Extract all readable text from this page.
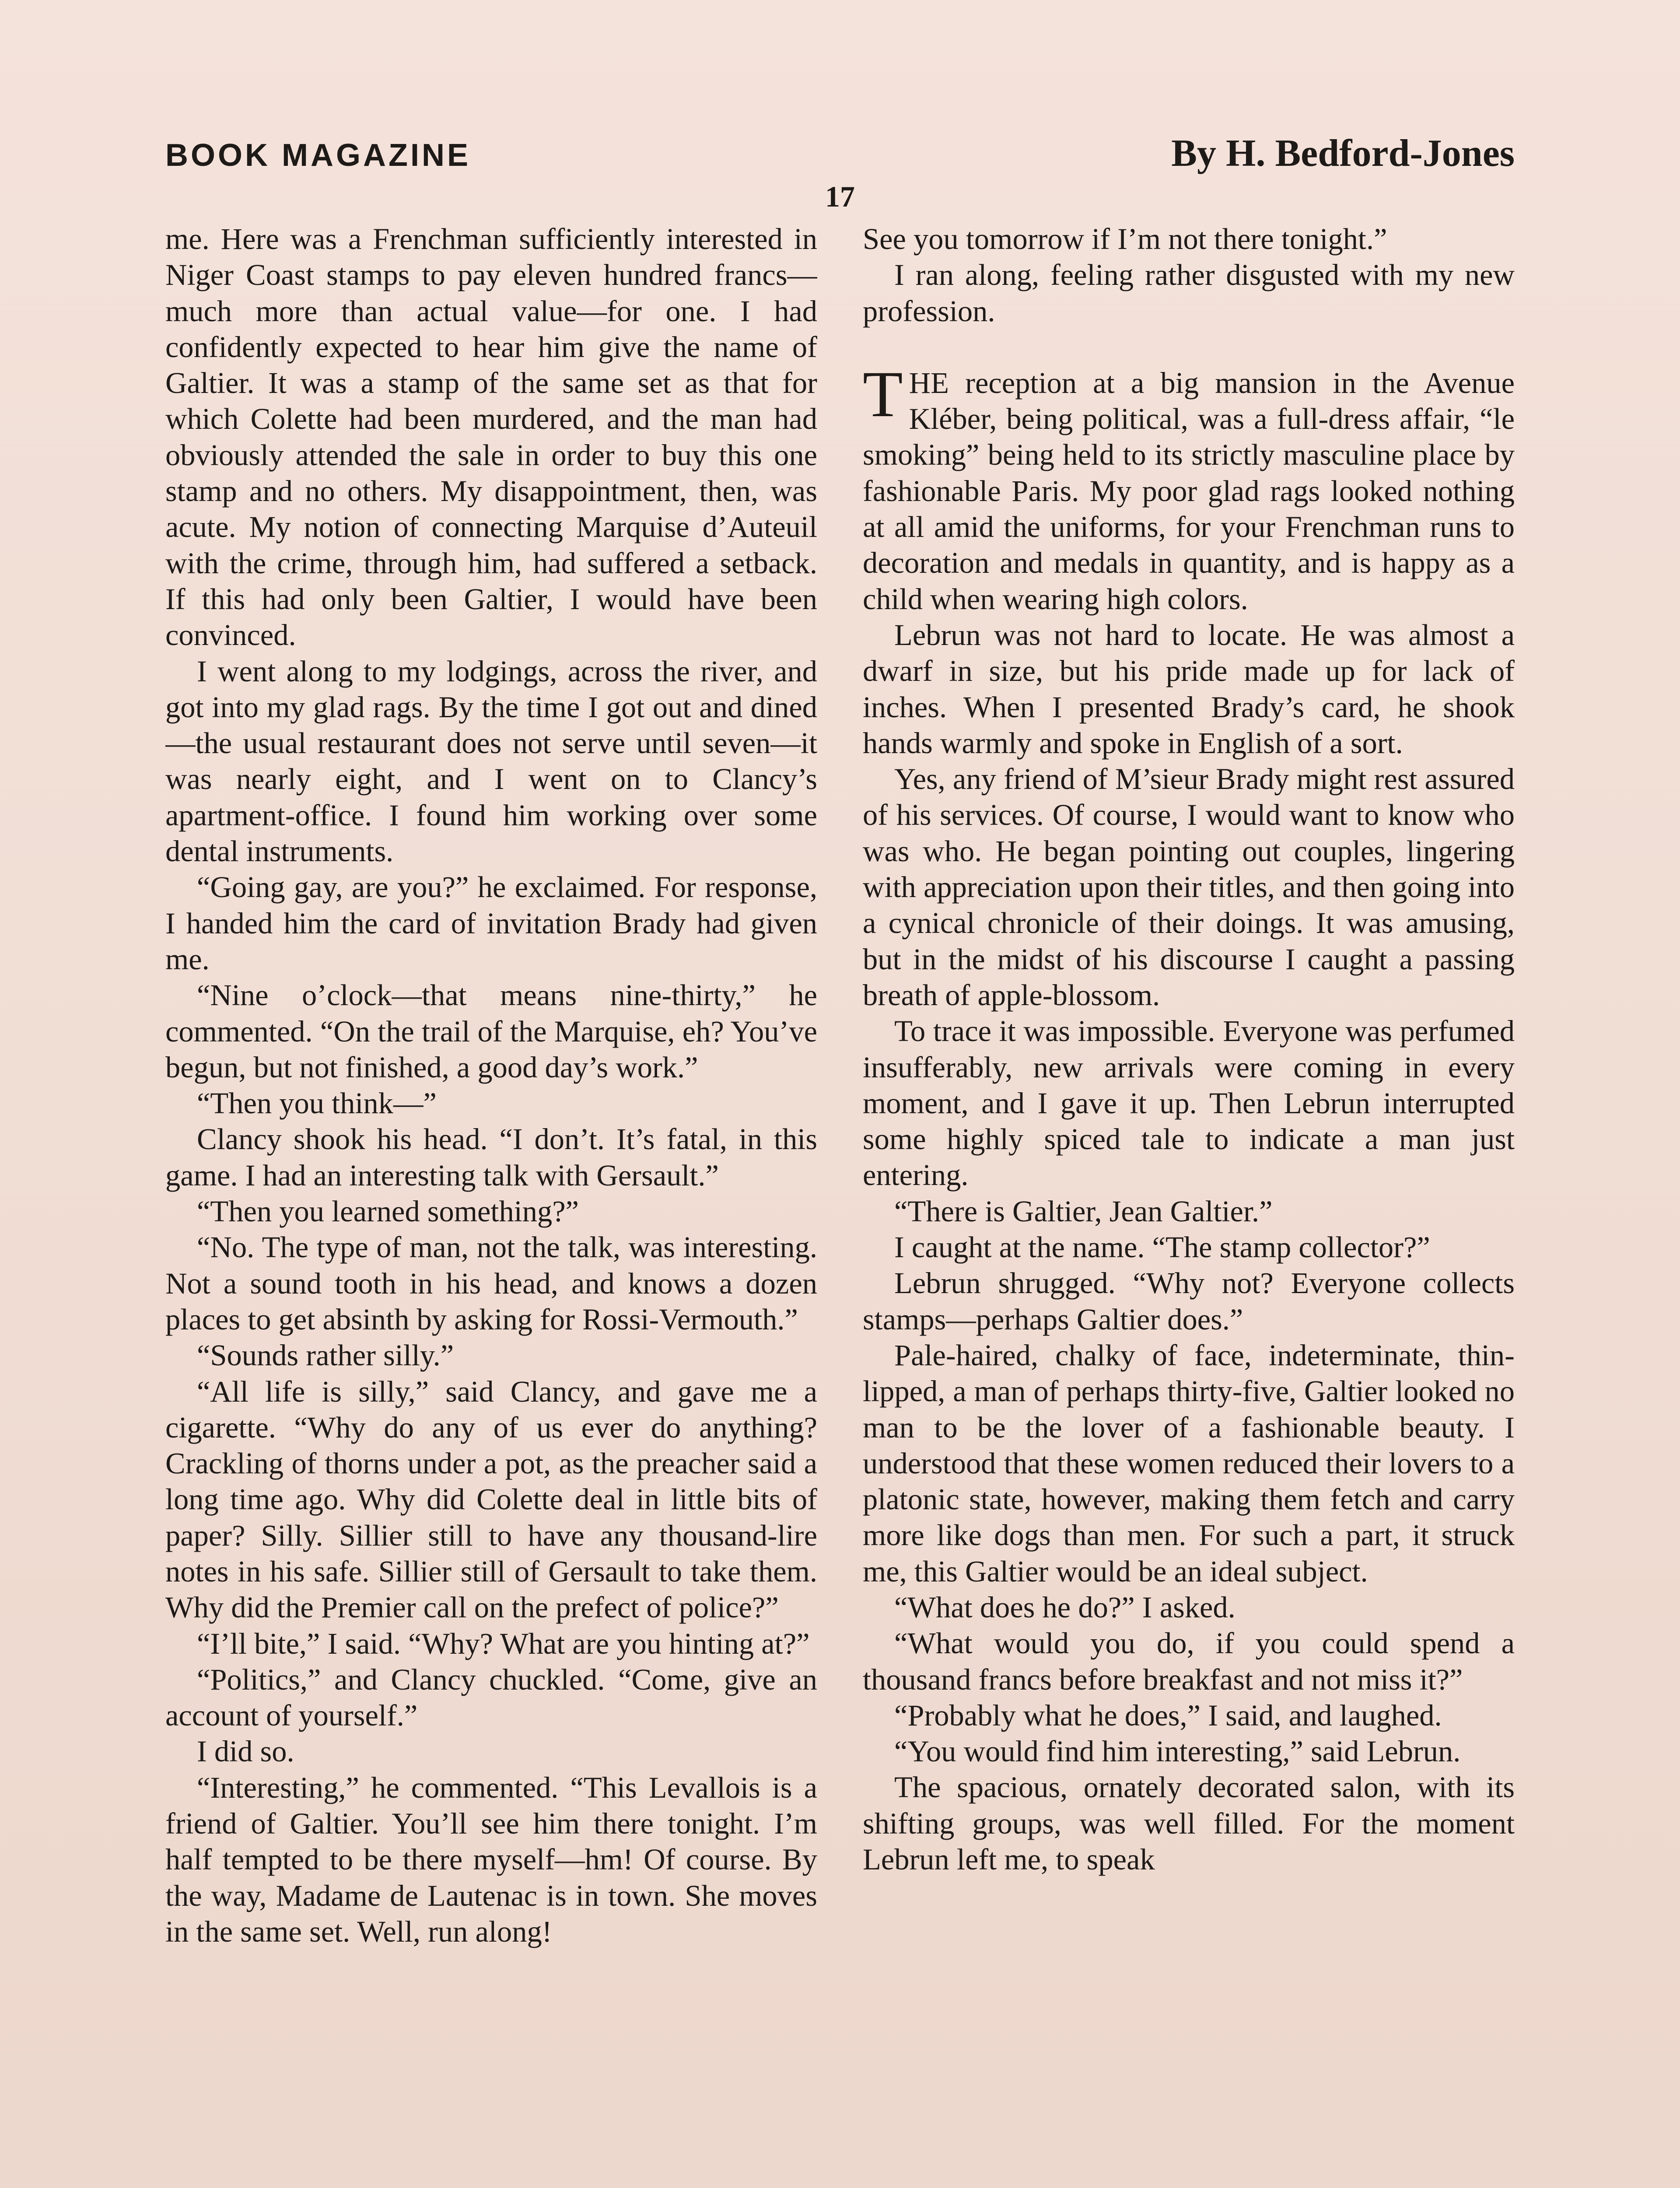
BOOK MAGAZINE	By H. Bedford-Jones
17

me. Here was a Frenchman sufficiently interested in Niger Coast stamps to pay eleven hundred francs—much more than actual value—for one. I had confidently expected to hear him give the name of Galtier. It was a stamp of the same set as that for which Colette had been murdered, and the man had obviously attended the sale in order to buy this one stamp and no others. My disappointment, then, was acute. My notion of connecting Marquise d’Auteuil with the crime, through him, had suffered a setback. If this had only been Galtier, I would have been convinced.

I went along to my lodgings, across the river, and got into my glad rags. By the time I got out and dined—the usual restaurant does not serve until seven—it was nearly eight, and I went on to Clancy’s apartment-office. I found him working over some dental instruments.

“Going gay, are you?” he exclaimed. For response, I handed him the card of invitation Brady had given me.

“Nine o’clock—that means nine-thirty,” he commented. “On the trail of the Marquise, eh? You’ve begun, but not finished, a good day’s work.”

“Then you think—”

Clancy shook his head. “I don’t. It’s fatal, in this game. I had an interesting talk with Gersault.”

“Then you learned something?”

“No. The type of man, not the talk, was interesting. Not a sound tooth in his head, and knows a dozen places to get absinth by asking for Rossi-Vermouth.”

“Sounds rather silly.”

“All life is silly,” said Clancy, and gave me a cigarette. “Why do any of us ever do anything? Crackling of thorns under a pot, as the preacher said a long time ago. Why did Colette deal in little bits of paper? Silly. Sillier still to have any thousand-lire notes in his safe. Sillier still of Gersault to take them. Why did the Premier call on the prefect of police?”

“I’ll bite,” I said. “Why? What are you hinting at?”

“Politics,” and Clancy chuckled. “Come, give an account of yourself.”

I did so.

“Interesting,” he commented. “This Levallois is a friend of Galtier. You’ll see him there tonight. I’m half tempted to be there myself—hm! Of course. By the way, Madame de Lautenac is in town. She moves in the same set. Well, run along!

See you tomorrow if I’m not there tonight.”

I ran along, feeling rather disgusted with my new profession.

THE reception at a big mansion in the Avenue Kléber, being political, was a full-dress affair, “le smoking” being held to its strictly masculine place by fashionable Paris. My poor glad rags looked nothing at all amid the uniforms, for your Frenchman runs to decoration and medals in quantity, and is happy as a child when wearing high colors.

Lebrun was not hard to locate. He was almost a dwarf in size, but his pride made up for lack of inches. When I presented Brady’s card, he shook hands warmly and spoke in English of a sort.

Yes, any friend of M’sieur Brady might rest assured of his services. Of course, I would want to know who was who. He began pointing out couples, lingering with appreciation upon their titles, and then going into a cynical chronicle of their doings. It was amusing, but in the midst of his discourse I caught a passing breath of apple-blossom.

To trace it was impossible. Everyone was perfumed insufferably, new arrivals were coming in every moment, and I gave it up. Then Lebrun interrupted some highly spiced tale to indicate a man just entering.

“There is Galtier, Jean Galtier.”

I caught at the name. “The stamp collector?”

Lebrun shrugged. “Why not? Everyone collects stamps—perhaps Galtier does.”

Pale-haired, chalky of face, indeterminate, thin-lipped, a man of perhaps thirty-five, Galtier looked no man to be the lover of a fashionable beauty. I understood that these women reduced their lovers to a platonic state, however, making them fetch and carry more like dogs than men. For such a part, it struck me, this Galtier would be an ideal subject.

“What does he do?” I asked.

“What would you do, if you could spend a thousand francs before breakfast and not miss it?”

“Probably what he does,” I said, and laughed.

“You would find him interesting,” said Lebrun.

The spacious, ornately decorated salon, with its shifting groups, was well filled. For the moment Lebrun left me, to speak
